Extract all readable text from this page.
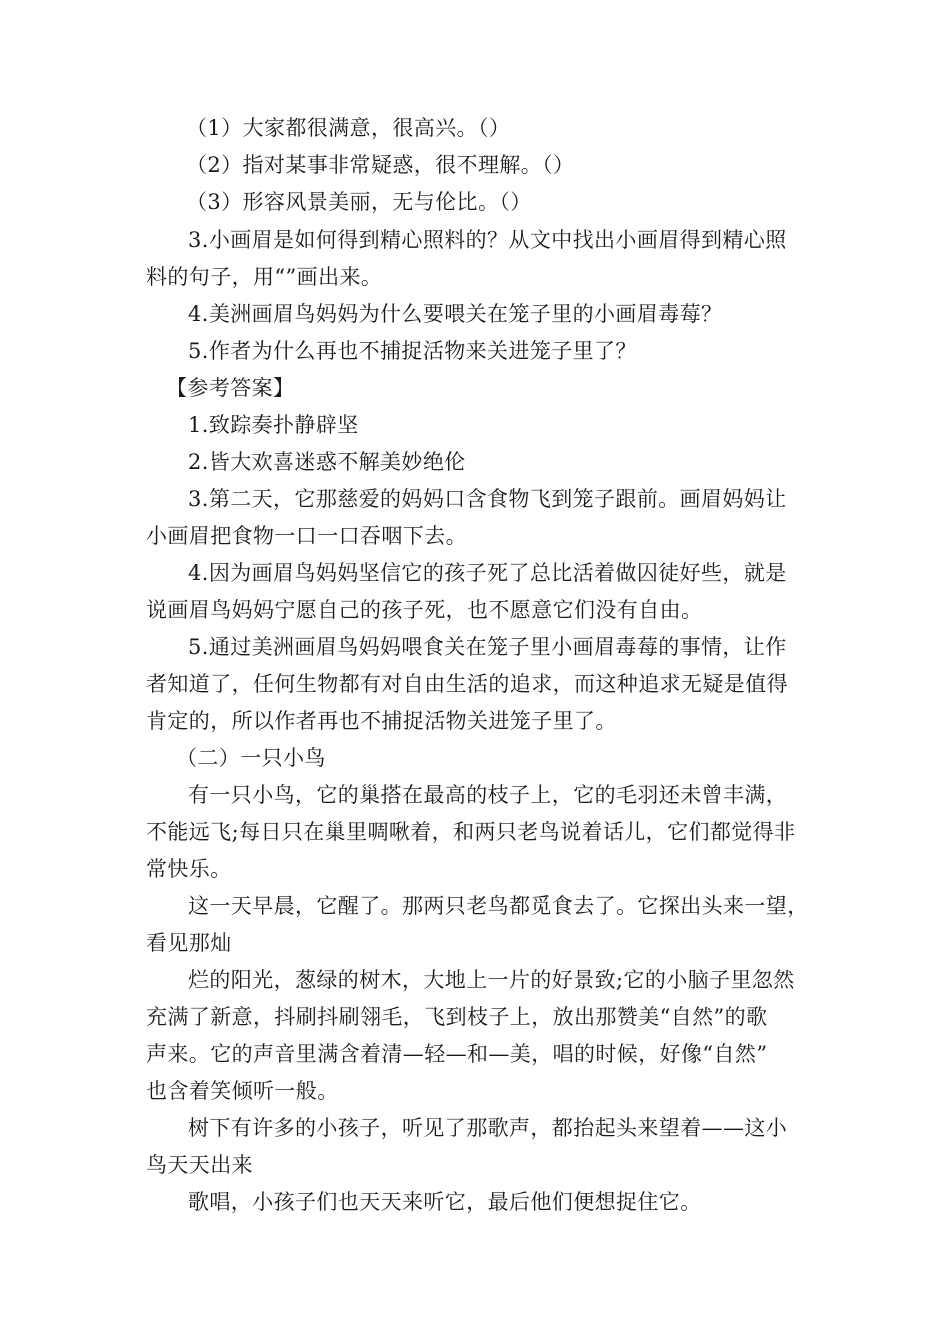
（1）大家都很满意，很高兴。（）
（2）指对某事非常疑惑，很不理解。（）
（3）形容风景美丽，无与伦比。（）
3.小画眉是如何得到精心照料的？从文中找出小画眉得到精心照
料的句子，用“”画出来。
4.美洲画眉鸟妈妈为什么要喂关在笼子里的小画眉毒莓？
5.作者为什么再也不捕捉活物来关进笼子里了？
【参考答案】
1.致踪奏扑静辟坚
2.皆大欢喜迷惑不解美妙绝伦
3.第二天，它那慈爱的妈妈口含食物飞到笼子跟前。画眉妈妈让
小画眉把食物一口一口吞咽下去。
4.因为画眉鸟妈妈坚信它的孩子死了总比活着做囚徒好些，就是
说画眉鸟妈妈宁愿自己的孩子死，也不愿意它们没有自由。
5.通过美洲画眉鸟妈妈喂食关在笼子里小画眉毒莓的事情，让作
者知道了，任何生物都有对自由生活的追求，而这种追求无疑是值得
肯定的，所以作者再也不捕捉活物关进笼子里了。
（二）一只小鸟
有一只小鸟，它的巢搭在最高的枝子上，它的毛羽还未曾丰满，
不能远飞;每日只在巢里啁啾着，和两只老鸟说着话儿，它们都觉得非
常快乐。
这一天早晨，它醒了。那两只老鸟都觅食去了。它探出头来一望，
看见那灿
烂的阳光，葱绿的树木，大地上一片的好景致;它的小脑子里忽然
充满了新意，抖刷抖刷翎毛，飞到枝子上，放出那赞美“自然”的歌
声来。它的声音里满含着清—轻—和—美，唱的时候，好像“自然”
也含着笑倾听一般。
树下有许多的小孩子，听见了那歌声，都抬起头来望着——这小
鸟天天出来
歌唱，小孩子们也天天来听它，最后他们便想捉住它。
